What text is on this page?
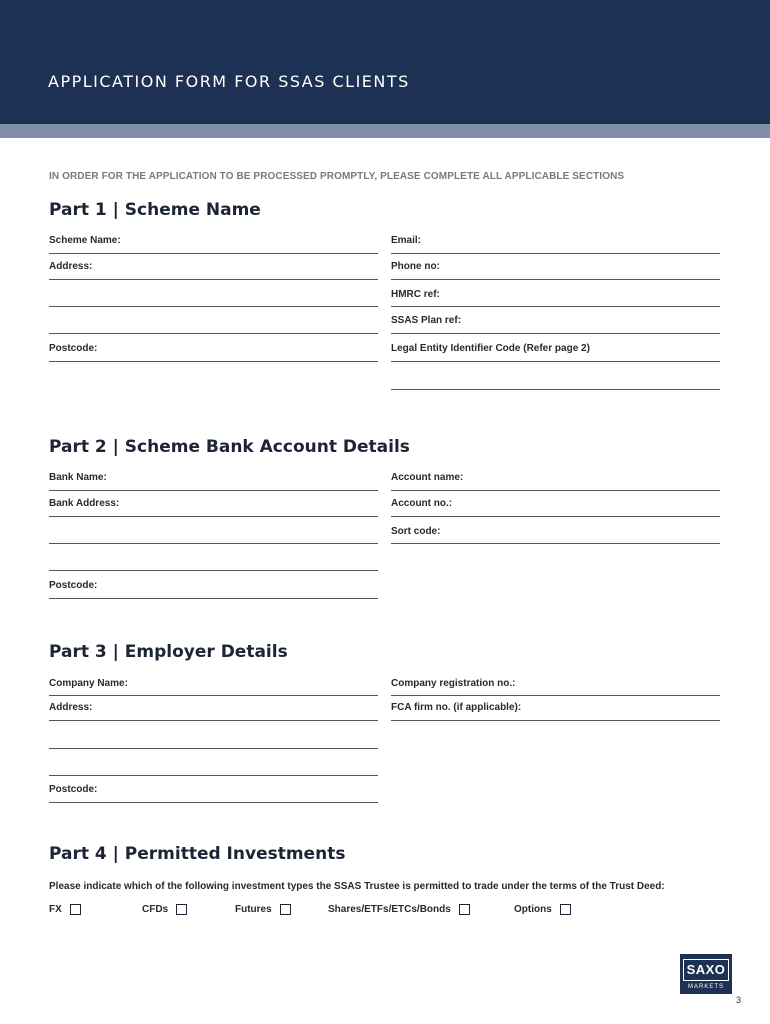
APPLICATION FORM FOR SSAS CLIENTS
IN ORDER FOR THE APPLICATION TO BE PROCESSED PROMPTLY, PLEASE COMPLETE ALL APPLICABLE SECTIONS
Part 1 | Scheme Name
Scheme Name:
Address:
Postcode:
Email:
Phone no:
HMRC ref:
SSAS Plan ref:
Legal Entity Identifier Code (Refer page 2)
Part 2 | Scheme Bank Account Details
Bank Name:
Bank Address:
Postcode:
Account name:
Account no.:
Sort code:
Part 3 | Employer Details
Company Name:
Address:
Postcode:
Company registration no.:
FCA firm no. (if applicable):
Part 4 | Permitted Investments
Please indicate which of the following investment types the SSAS Trustee is permitted to trade under the terms of the Trust Deed:
FX	CFDs	Futures	Shares/ETFs/ETCs/Bonds	Options
SAXO
MARKETS
3
